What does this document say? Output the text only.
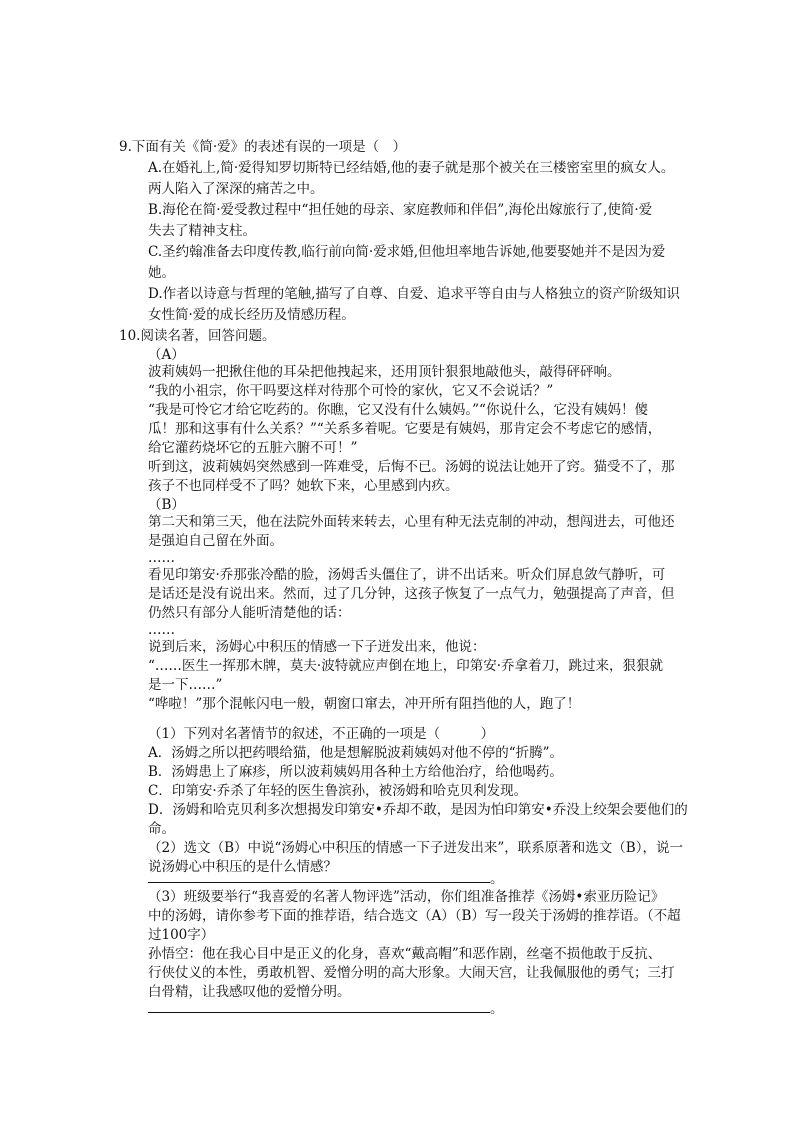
9.下面有关《简·爱》的表述有误的一项是（　）
A.在婚礼上,简·爱得知罗切斯特已经结婚,他的妻子就是那个被关在三楼密室里的疯女人。
两人陷入了深深的痛苦之中。
B.海伦在简·爱受教过程中“担任她的母亲、家庭教师和伴侣”,海伦出嫁旅行了,使简·爱
失去了精神支柱。
C.圣约翰准备去印度传教,临行前向简·爱求婚,但他坦率地告诉她,他要娶她并不是因为爱
她。
D.作者以诗意与哲理的笔触,描写了自尊、自爱、追求平等自由与人格独立的资产阶级知识
女性简·爱的成长经历及情感历程。
10.阅读名著，回答问题。
（A）
波莉姨妈一把揪住他的耳朵把他拽起来，还用顶针狠狠地敲他头，敲得砰砰响。
“我的小祖宗，你干吗要这样对待那个可怜的家伙，它又不会说话？”
“我是可怜它才给它吃药的。你瞧，它又没有什么姨妈。”“你说什么，它没有姨妈！傻
瓜！那和这事有什么关系？”“关系多着呢。它要是有姨妈，那肯定会不考虑它的感情，
给它灌药烧坏它的五脏六腑不可！”
听到这，波莉姨妈突然感到一阵难受，后悔不已。汤姆的说法让她开了窍。猫受不了，那
孩子不也同样受不了吗？她软下来，心里感到内疚。
（B）
第二天和第三天，他在法院外面转来转去，心里有种无法克制的冲动，想闯进去，可他还
是强迫自己留在外面。
……
看见印第安·乔那张冷酷的脸，汤姆舌头僵住了，讲不出话来。听众们屏息敛气静听，可
是话还是没有说出来。然而，过了几分钟，这孩子恢复了一点气力，勉强提高了声音，但
仍然只有部分人能听清楚他的话：
……
说到后来，汤姆心中积压的情感一下子迸发出来，他说：
“……医生一挥那木牌，莫夫·波特就应声倒在地上，印第安·乔拿着刀，跳过来，狠狠就
是一下……”
“哗啦！”那个混帐闪电一般，朝窗口窜去，冲开所有阻挡他的人，跑了！
（1）下列对名著情节的叙述，不正确的一项是（　　　）
A．汤姆之所以把药喂给猫，他是想解脱波莉姨妈对他不停的“折腾”。
B．汤姆患上了麻疹，所以波莉姨妈用各种土方给他治疗，给他喝药。
C．印第安·乔杀了年轻的医生鲁滨孙，被汤姆和哈克贝利发现。
D．汤姆和哈克贝利多次想揭发印第安•乔却不敢，是因为怕印第安•乔没上绞架会要他们的
命。
（2）选文（B）中说“汤姆心中积压的情感一下子迸发出来”，联系原著和选文（B），说一
说汤姆心中积压的是什么情感？
。
（3）班级要举行“我喜爱的名著人物评选”活动，你们组准备推荐《汤姆•索亚历险记》
中的汤姆，请你参考下面的推荐语，结合选文（A）（B）写一段关于汤姆的推荐语。（不超
过100字）
孙悟空：他在我心目中是正义的化身，喜欢“戴高帽”和恶作剧，丝毫不损他敢于反抗、
行侠仗义的本性，勇敢机智、爱憎分明的高大形象。大闹天宫，让我佩服他的勇气；三打
白骨精，让我感叹他的爱憎分明。
。
